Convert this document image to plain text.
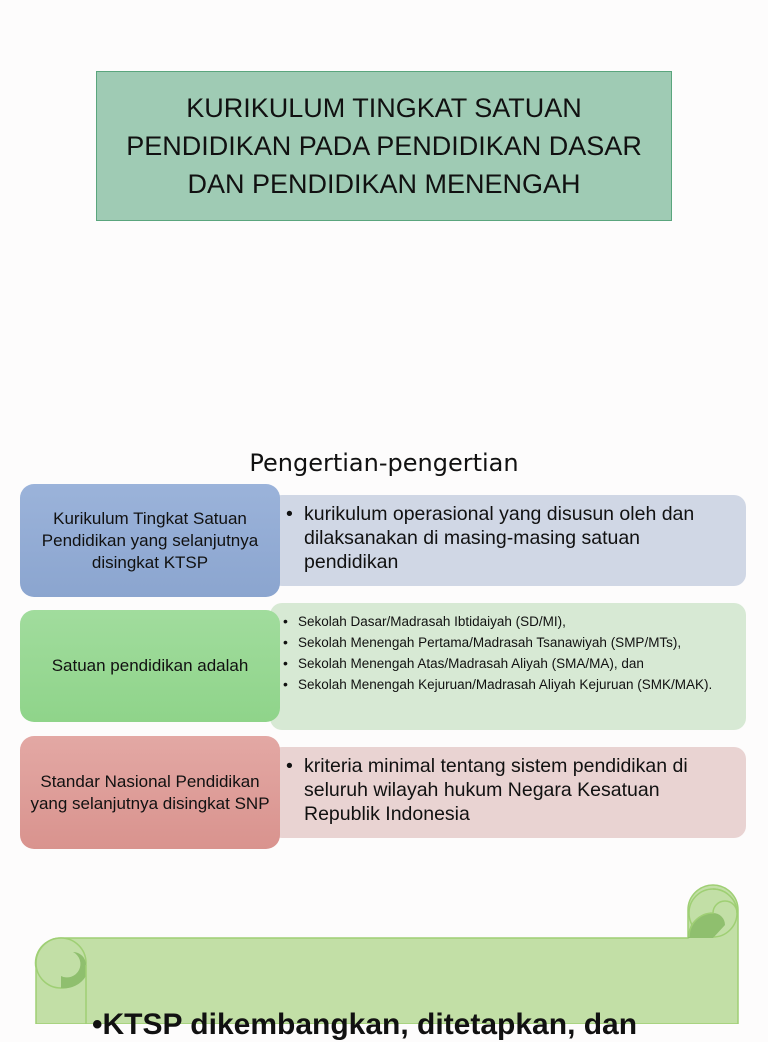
KURIKULUM TINGKAT SATUAN PENDIDIKAN PADA PENDIDIKAN DASAR DAN PENDIDIKAN MENENGAH
Pengertian-pengertian
• kurikulum operasional yang disusun oleh dan dilaksanakan di masing-masing satuan pendidikan
Kurikulum Tingkat Satuan Pendidikan yang selanjutnya disingkat KTSP
• Sekolah Dasar/Madrasah Ibtidaiyah (SD/MI),
• Sekolah Menengah Pertama/Madrasah Tsanawiyah (SMP/MTs),
• Sekolah Menengah Atas/Madrasah Aliyah (SMA/MA), dan
• Sekolah Menengah Kejuruan/Madrasah Aliyah Kejuruan (SMK/MAK).
Satuan pendidikan adalah
• kriteria minimal tentang sistem pendidikan di seluruh wilayah hukum Negara Kesatuan Republik Indonesia
Standar Nasional Pendidikan yang selanjutnya disingkat SNP
•KTSP dikembangkan, ditetapkan, dan
